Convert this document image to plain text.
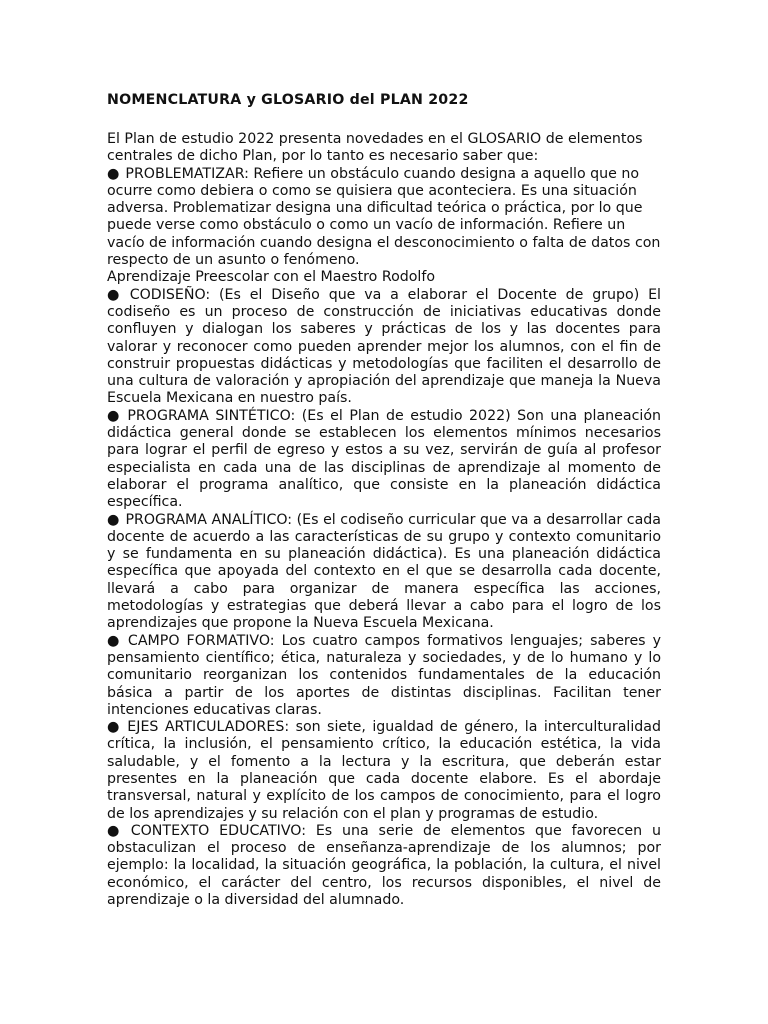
NOMENCLATURA y GLOSARIO del PLAN 2022

El Plan de estudio 2022 presenta novedades en el GLOSARIO de elementos centrales de dicho Plan, por lo tanto es necesario saber que:

● PROBLEMATIZAR: Refiere un obstáculo cuando designa a aquello que no ocurre como debiera o como se quisiera que aconteciera. Es una situación adversa. Problematizar designa una dificultad teórica o práctica, por lo que puede verse como obstáculo o como un vacío de información. Refiere un vacío de información cuando designa el desconocimiento o falta de datos con respecto de un asunto o fenómeno.

Aprendizaje Preescolar con el Maestro Rodolfo

● CODISEÑO: (Es el Diseño que va a elaborar el Docente de grupo) El codiseño es un proceso de construcción de iniciativas educativas donde confluyen y dialogan los saberes y prácticas de los y las docentes para valorar y reconocer como pueden aprender mejor los alumnos, con el fin de construir propuestas didácticas y metodologías que faciliten el desarrollo de una cultura de valoración y apropiación del aprendizaje que maneja la Nueva Escuela Mexicana en nuestro país.

● PROGRAMA SINTÉTICO: (Es el Plan de estudio 2022) Son una planeación didáctica general donde se establecen los elementos mínimos necesarios para lograr el perfil de egreso y estos a su vez, servirán de guía al profesor especialista en cada una de las disciplinas de aprendizaje al momento de elaborar el programa analítico, que consiste en la planeación didáctica específica.

● PROGRAMA ANALÍTICO: (Es el codiseño curricular que va a desarrollar cada docente de acuerdo a las características de su grupo y contexto comunitario y se fundamenta en su planeación didáctica). Es una planeación didáctica específica que apoyada del contexto en el que se desarrolla cada docente, llevará a cabo para organizar de manera específica las acciones, metodologías y estrategias que deberá llevar a cabo para el logro de los aprendizajes que propone la Nueva Escuela Mexicana.

● CAMPO FORMATIVO: Los cuatro campos formativos lenguajes; saberes y pensamiento científico; ética, naturaleza y sociedades, y de lo humano y lo comunitario reorganizan los contenidos fundamentales de la educación básica a partir de los aportes de distintas disciplinas. Facilitan tener intenciones educativas claras.

● EJES ARTICULADORES: son siete, igualdad de género, la interculturalidad crítica, la inclusión, el pensamiento crítico, la educación estética, la vida saludable, y el fomento a la lectura y la escritura, que deberán estar presentes en la planeación que cada docente elabore. Es el abordaje transversal, natural y explícito de los campos de conocimiento, para el logro de los aprendizajes y su relación con el plan y programas de estudio.

● CONTEXTO EDUCATIVO: Es una serie de elementos que favorecen u obstaculizan el proceso de enseñanza-aprendizaje de los alumnos; por ejemplo: la localidad, la situación geográfica, la población, la cultura, el nivel económico, el carácter del centro, los recursos disponibles, el nivel de aprendizaje o la diversidad del alumnado.
